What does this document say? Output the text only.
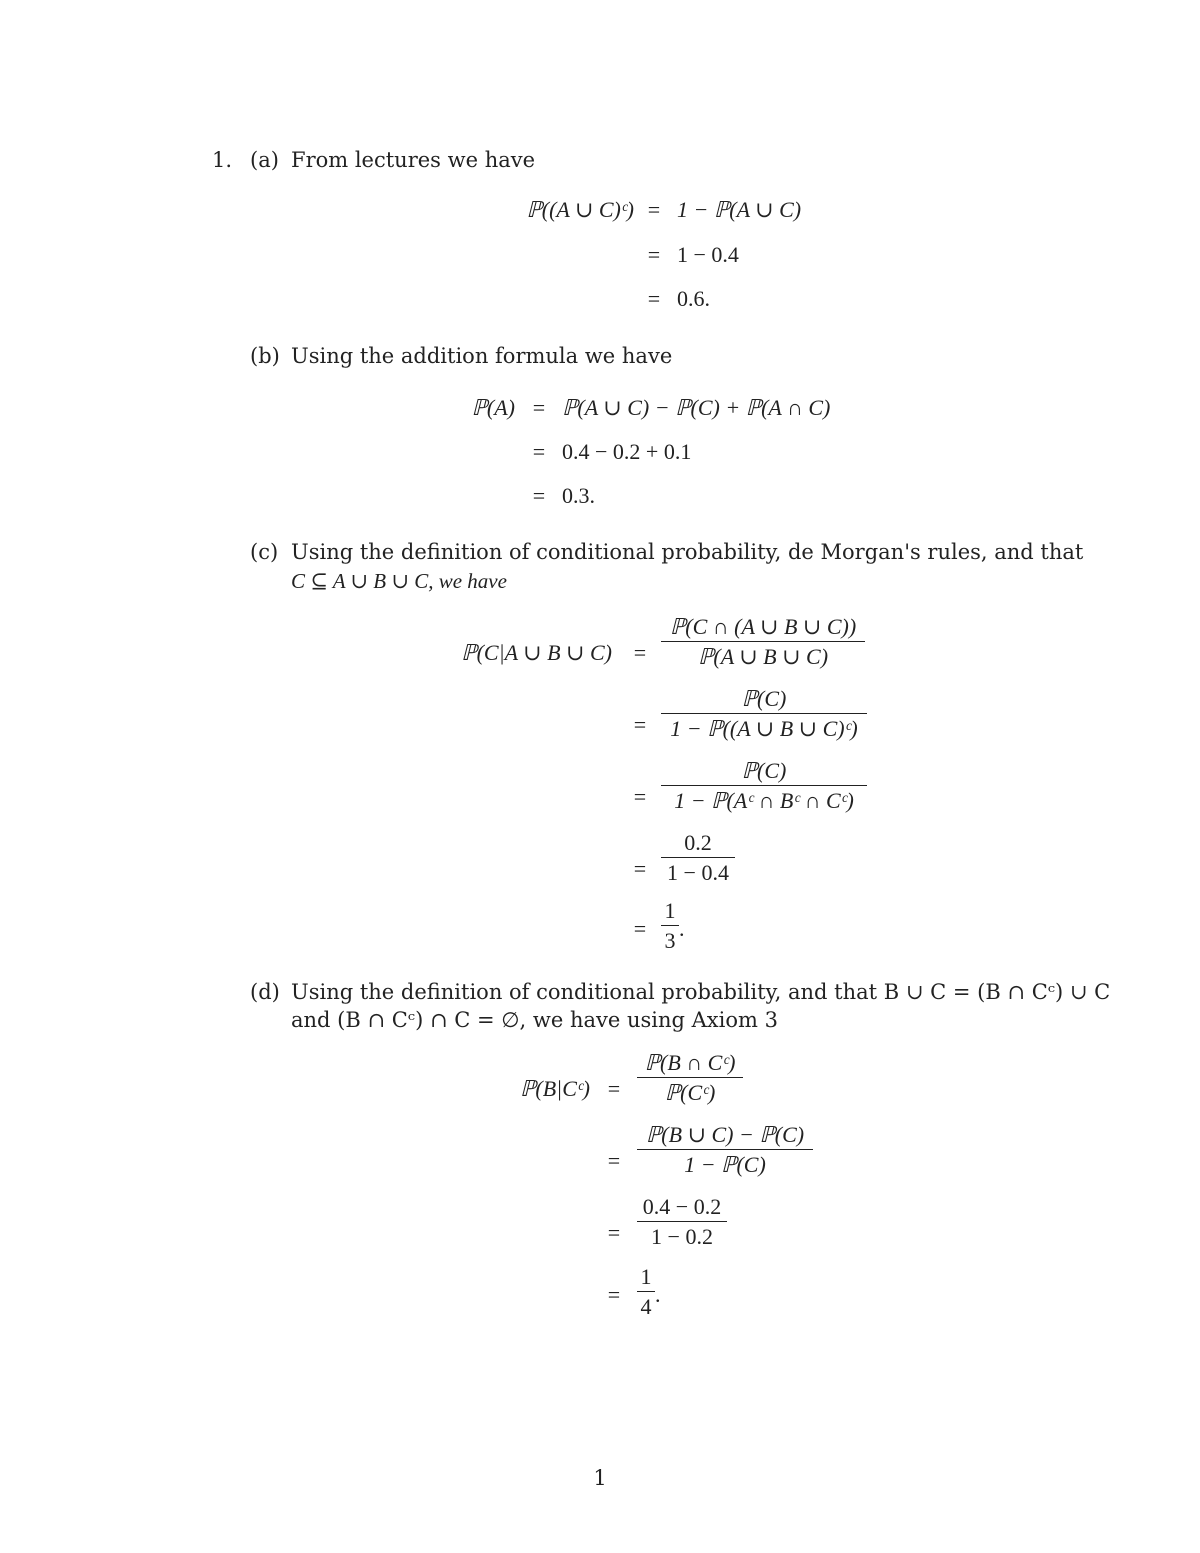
1. (a) From lectures we have
ℙ((A ∪ C)ᶜ) = 1 − ℙ(A ∪ C)
= 1 − 0.4
= 0.6.
(b) Using the addition formula we have
ℙ(A) = ℙ(A ∪ C) − ℙ(C) + ℙ(A ∩ C)
= 0.4 − 0.2 + 0.1
= 0.3.
(c) Using the definition of conditional probability, de Morgan's rules, and that
C ⊆ A ∪ B ∪ C, we have
ℙ(C|A ∪ B ∪ C) =
ℙ(C ∩ (A ∪ B ∪ C))
ℙ(A ∪ B ∪ C)
=
ℙ(C)
1 − ℙ((A ∪ B ∪ C)ᶜ)
=
ℙ(C)
1 − ℙ(Aᶜ ∩ Bᶜ ∩ Cᶜ)
=
0.2
1 − 0.4
=
1
3 .
(d) Using the definition of conditional probability, and that B ∪ C = (B ∩ Cᶜ) ∪ C
and (B ∩ Cᶜ) ∩ C = ∅, we have using Axiom 3
ℙ(B|Cᶜ) =
ℙ(B ∩ Cᶜ)
ℙ(Cᶜ)
=
ℙ(B ∪ C) − ℙ(C)
1 − ℙ(C)
=
0.4 − 0.2
1 − 0.2
=
1
4 .
1
